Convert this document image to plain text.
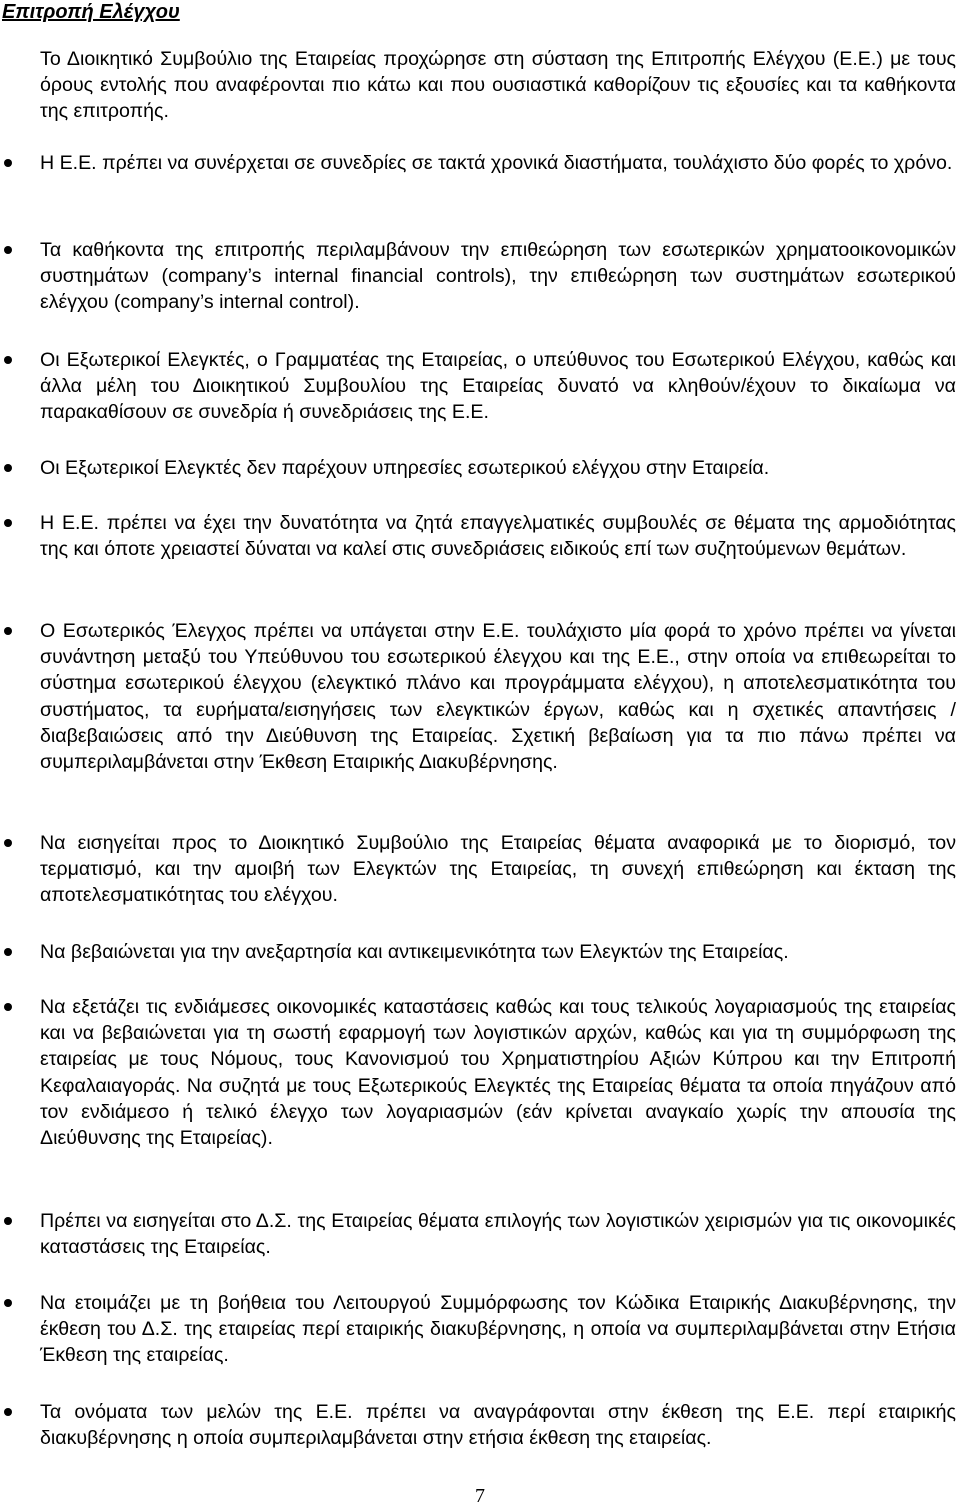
Επιτροπή Ελέγχου

Το Διοικητικό Συμβούλιο της Εταιρείας προχώρησε στη σύσταση της Επιτροπής Ελέγχου (Ε.Ε.) με τους όρους εντολής που αναφέρονται πιο κάτω και που ουσιαστικά καθορίζουν τις εξουσίες και τα καθήκοντα της επιτροπής.

Η Ε.Ε. πρέπει να συνέρχεται σε συνεδρίες σε τακτά χρονικά διαστήματα, τουλάχιστο δύο φορές το χρόνο.
Τα καθήκοντα της επιτροπής περιλαμβάνουν την επιθεώρηση των εσωτερικών χρηματοοικονομικών συστημάτων (company’s internal financial controls), την επιθεώρηση των συστημάτων εσωτερικού ελέγχου (company’s internal control).
Οι Εξωτερικοί Ελεγκτές, ο Γραμματέας της Εταιρείας, ο υπεύθυνος του Εσωτερικού Ελέγχου, καθώς και άλλα μέλη του Διοικητικού Συμβουλίου της Εταιρείας δυνατό να κληθούν/έχουν το δικαίωμα να παρακαθίσουν σε συνεδρία ή συνεδριάσεις της Ε.Ε.
Οι Εξωτερικοί Ελεγκτές δεν παρέχουν υπηρεσίες εσωτερικού ελέγχου στην Εταιρεία.
Η Ε.Ε. πρέπει να έχει την δυνατότητα να ζητά επαγγελματικές συμβουλές σε θέματα της αρμοδιότητας της και όποτε χρειαστεί δύναται να καλεί στις συνεδριάσεις ειδικούς επί των συζητούμενων θεμάτων.
Ο Εσωτερικός Έλεγχος πρέπει να υπάγεται στην Ε.Ε. τουλάχιστο μία φορά το χρόνο πρέπει να γίνεται συνάντηση μεταξύ του Υπεύθυνου του εσωτερικού έλεγχου και της Ε.Ε., στην οποία να επιθεωρείται το σύστημα εσωτερικού έλεγχου (ελεγκτικό πλάνο και προγράμματα ελέγχου), η αποτελεσματικότητα του συστήματος, τα ευρήματα/εισηγήσεις των ελεγκτικών έργων, καθώς και η σχετικές απαντήσεις / διαβεβαιώσεις από την Διεύθυνση της Εταιρείας. Σχετική βεβαίωση για τα πιο πάνω πρέπει να συμπεριλαμβάνεται στην Έκθεση Εταιρικής Διακυβέρνησης.
Να εισηγείται προς το Διοικητικό Συμβούλιο της Εταιρείας θέματα αναφορικά με το διορισμό, τον τερματισμό, και την αμοιβή των Ελεγκτών της Εταιρείας, τη συνεχή επιθεώρηση και έκταση της αποτελεσματικότητας του ελέγχου.
Να βεβαιώνεται για την ανεξαρτησία και αντικειμενικότητα των Ελεγκτών της Εταιρείας.
Να εξετάζει τις ενδιάμεσες οικονομικές καταστάσεις καθώς και τους τελικούς λογαριασμούς της εταιρείας και να βεβαιώνεται για τη σωστή εφαρμογή των λογιστικών αρχών, καθώς και για τη συμμόρφωση της εταιρείας με τους Νόμους, τους Κανονισμού του Χρηματιστηρίου Αξιών Κύπρου και την Επιτροπή Κεφαλαιαγοράς. Να συζητά με τους Εξωτερικούς Ελεγκτές της Εταιρείας θέματα τα οποία πηγάζουν από τον ενδιάμεσο ή τελικό έλεγχο των λογαριασμών (εάν κρίνεται αναγκαίο χωρίς την απουσία της Διεύθυνσης της Εταιρείας).
Πρέπει να εισηγείται στο Δ.Σ. της Εταιρείας θέματα επιλογής των λογιστικών χειρισμών για τις οικονομικές καταστάσεις της Εταιρείας.
Να ετοιμάζει με τη βοήθεια του Λειτουργού Συμμόρφωσης τον Κώδικα Εταιρικής Διακυβέρνησης, την έκθεση του Δ.Σ. της εταιρείας περί εταιρικής διακυβέρνησης, η οποία να συμπεριλαμβάνεται στην Ετήσια Έκθεση της εταιρείας.
Τα ονόματα των μελών της Ε.Ε. πρέπει να αναγράφονται στην έκθεση της Ε.Ε. περί εταιρικής διακυβέρνησης η οποία συμπεριλαμβάνεται στην ετήσια έκθεση της εταιρείας.
7
